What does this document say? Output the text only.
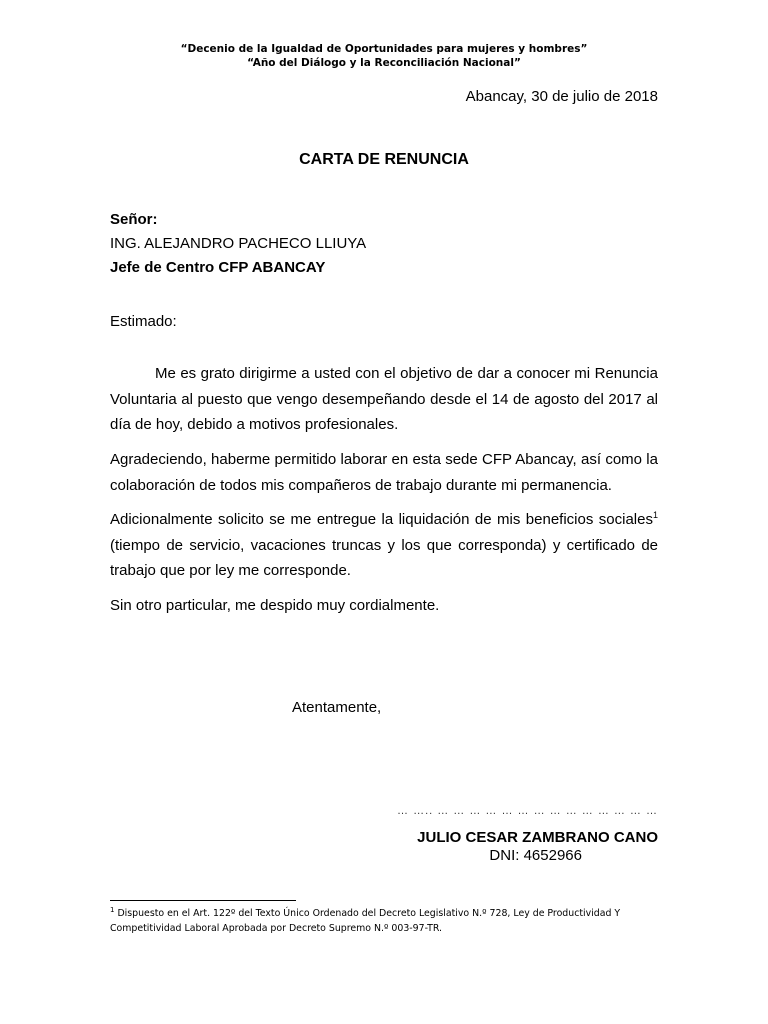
“Decenio de la Igualdad de Oportunidades para mujeres y hombres”
“Año del Diálogo y la Reconciliación Nacional”
Abancay, 30 de julio de 2018
CARTA DE RENUNCIA
Señor:
ING. ALEJANDRO PACHECO LLIUYA
Jefe de Centro CFP ABANCAY
Estimado:
Me es grato dirigirme a usted con el objetivo de dar a conocer mi Renuncia Voluntaria al puesto que vengo desempeñando desde el 14 de agosto del 2017 al día de hoy, debido a motivos profesionales.
Agradeciendo, haberme permitido laborar en esta sede CFP Abancay, así como la colaboración de todos mis compañeros de trabajo durante mi permanencia.
Adicionalmente solicito se me entregue la liquidación de mis beneficios sociales$^1$ (tiempo de servicio, vacaciones truncas y los que corresponda) y certificado de trabajo que por ley me corresponde.
Sin otro particular, me despido muy cordialmente.
Atentamente,
… ….. … … … … … … … … … … … … … …
JULIO CESAR ZAMBRANO CANO
DNI: 4652966
$^1$ Dispuesto en el Art. 122º del Texto Único Ordenado del Decreto Legislativo N.º 728, Ley de Productividad Y Competitividad Laboral Aprobada por Decreto Supremo N.º 003-97-TR.
